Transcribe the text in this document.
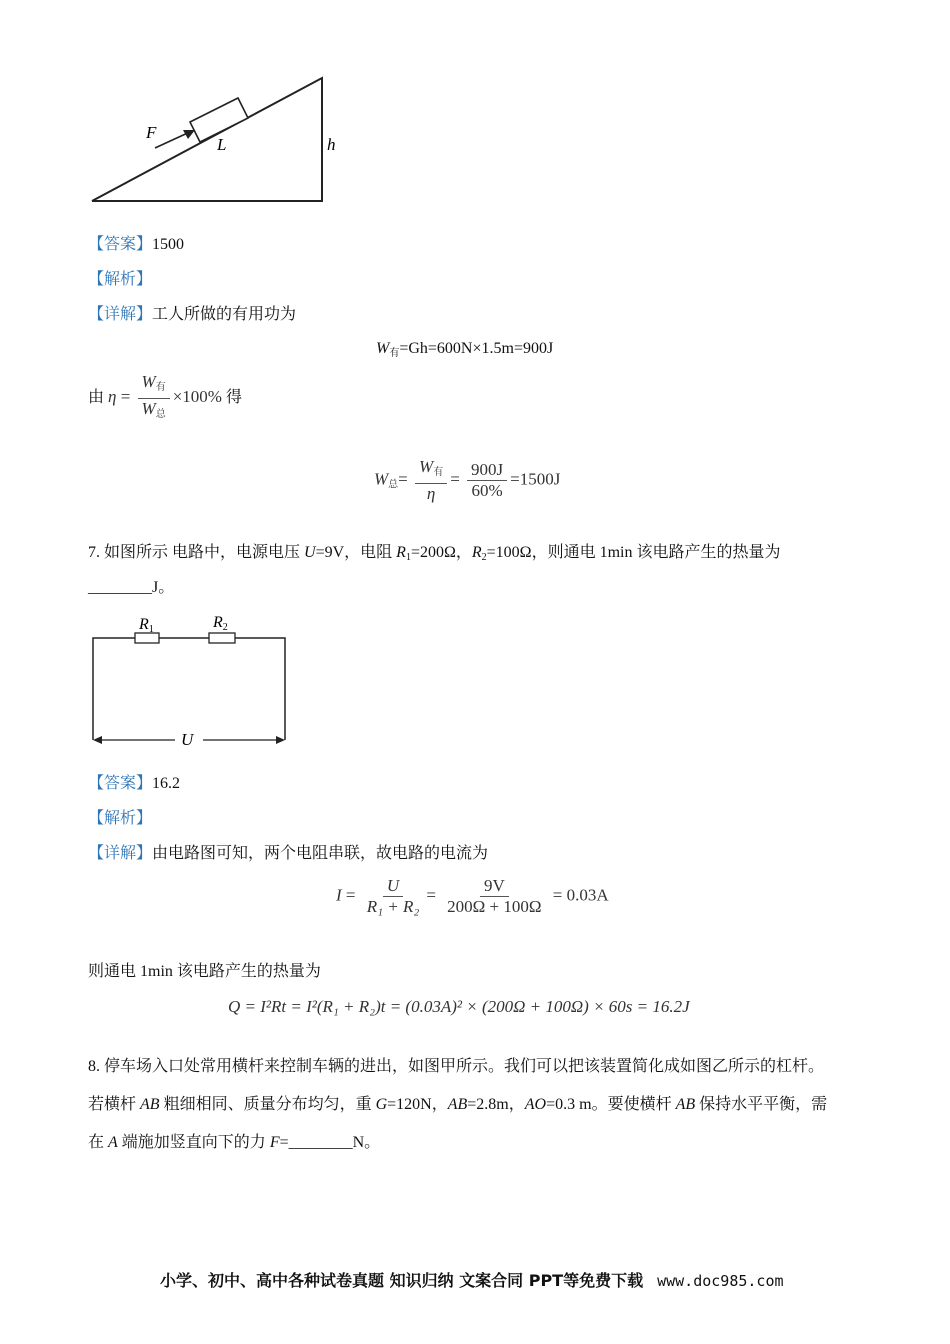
F
L	h
【答案】1500
【解析】
【详解】工人所做的有用功为
$W_有=Gh=600N\times 1.5m=900J$
由 $\eta = \frac{W_有}{W_总} \times 100\%$ 得
$W_总= \frac{W_有}{\eta} = \frac{900J}{60\%} =1500J$
7. 如图所示 电路中，电源电压 U=9V，电阻 $R_1=200\Omega$，$R_2=100\Omega$，则通电 1min 该电路产生的热量为
________J。
R1	R2
U
【答案】16.2
【解析】
【详解】由电路图可知，两个电阻串联，故电路的电流为
$I = \frac{U}{\text{R₁ + R₂}} = \frac{9V}{200\Omega + 100\Omega} = 0.03A$
则通电 1min 该电路产生的热量为
Q = I²Rt = I²(R₁ + R₂)t = (0.03A)² × (200Ω + 100Ω) × 60s = 16.2J
8. 停车场入口处常用横杆来控制车辆的进出，如图甲所示。我们可以把该装置简化成如图乙所示的杠杆。
若横杆 AB 粗细相同、质量分布均匀，重 G=120N，AB=2.8m，AO=0.3 m。要使横杆 AB 保持水平平衡，需
在 A 端施加竖直向下的力 F=________N。
小学、初中、高中各种试卷真题 知识归纳 文案合同 PPT等免费下载 www.doc985.com
